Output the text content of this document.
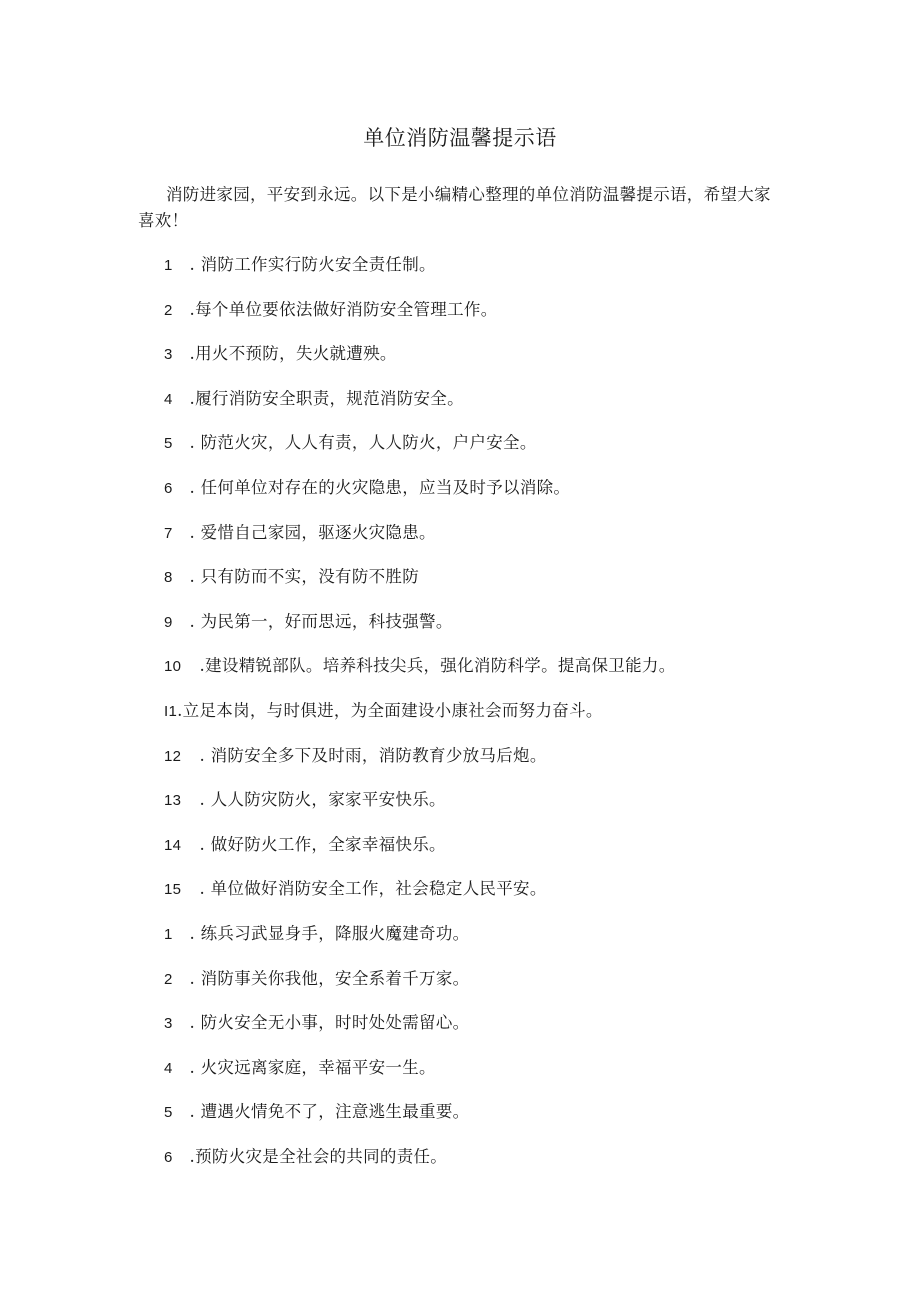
单位消防温馨提示语
消防进家园，平安到永远。以下是小编精心整理的单位消防温馨提示语，希望大家喜欢！
1 . 消防工作实行防火安全责任制。
2 .每个单位要依法做好消防安全管理工作。
3 .用火不预防，失火就遭殃。
4 .履行消防安全职责，规范消防安全。
5 . 防范火灾，人人有责，人人防火，户户安全。
6 . 任何单位对存在的火灾隐患，应当及时予以消除。
7 . 爱惜自己家园，驱逐火灾隐患。
8 . 只有防而不实，没有防不胜防
9 . 为民第一，好而思远，科技强警。
10 .建设精锐部队。培养科技尖兵，强化消防科学。提高保卫能力。
I1.立足本岗，与时俱进，为全面建设小康社会而努力奋斗。
12 . 消防安全多下及时雨，消防教育少放马后炮。
13 . 人人防灾防火，家家平安快乐。
14 . 做好防火工作，全家幸福快乐。
15 . 单位做好消防安全工作，社会稳定人民平安。
1 . 练兵习武显身手，降服火魔建奇功。
2 . 消防事关你我他，安全系着千万家。
3 . 防火安全无小事，时时处处需留心。
4 . 火灾远离家庭，幸福平安一生。
5 . 遭遇火情免不了，注意逃生最重要。
6 .预防火灾是全社会的共同的责任。
